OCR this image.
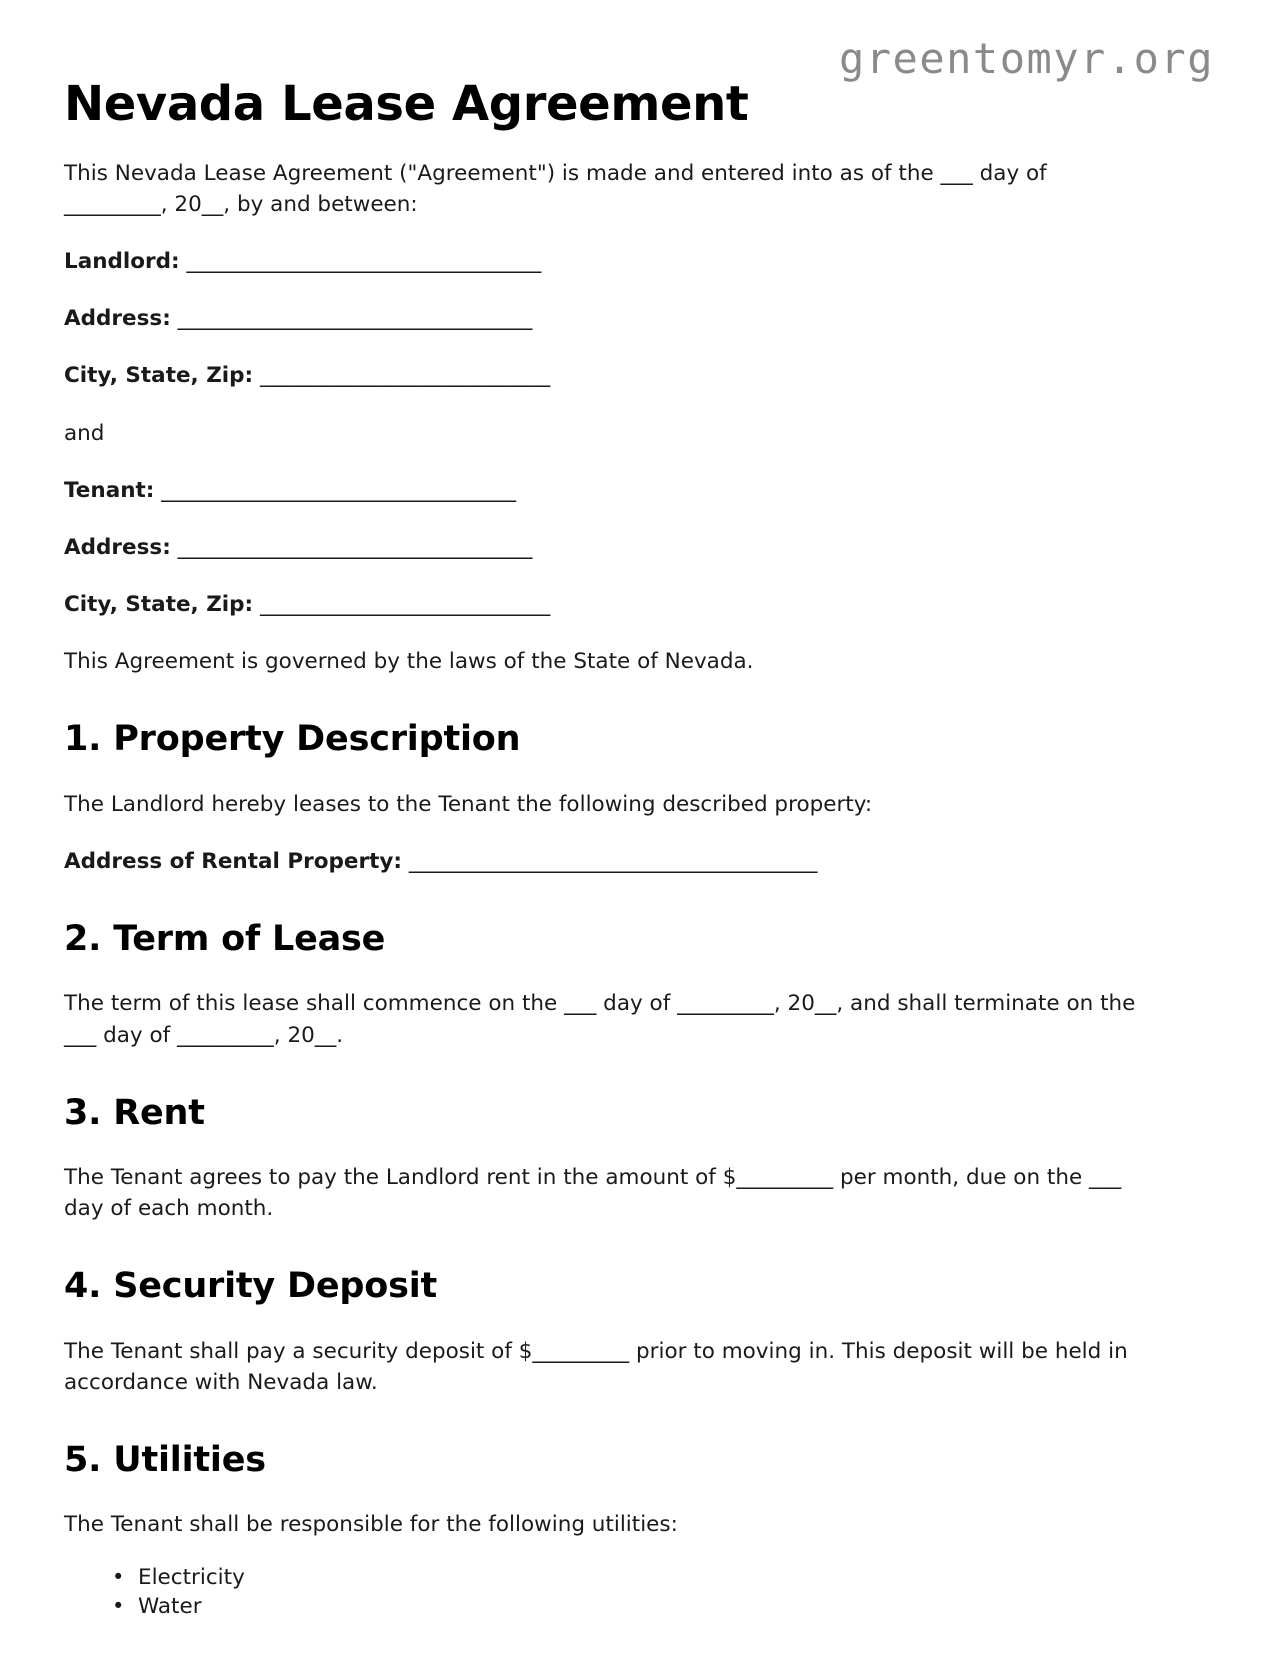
greentomyr.org
Nevada Lease Agreement

This Nevada Lease Agreement ("Agreement") is made and entered into as of the ___ day of _________, 20__, by and between:

Landlord: _________________________________
Address: _________________________________
City, State, Zip: ___________________________

and

Tenant: _________________________________
Address: _________________________________
City, State, Zip: ___________________________

This Agreement is governed by the laws of the State of Nevada.

1. Property Description

The Landlord hereby leases to the Tenant the following described property:

Address of Rental Property: ______________________________________
2. Term of Lease

The term of this lease shall commence on the ___ day of _________, 20__, and shall terminate on the ___ day of _________, 20__.

3. Rent

The Tenant agrees to pay the Landlord rent in the amount of $_________ per month, due on the ___ day of each month.

4. Security Deposit

The Tenant shall pay a security deposit of $_________ prior to moving in. This deposit will be held in accordance with Nevada law.

5. Utilities

The Tenant shall be responsible for the following utilities:

• Electricity
• Water
